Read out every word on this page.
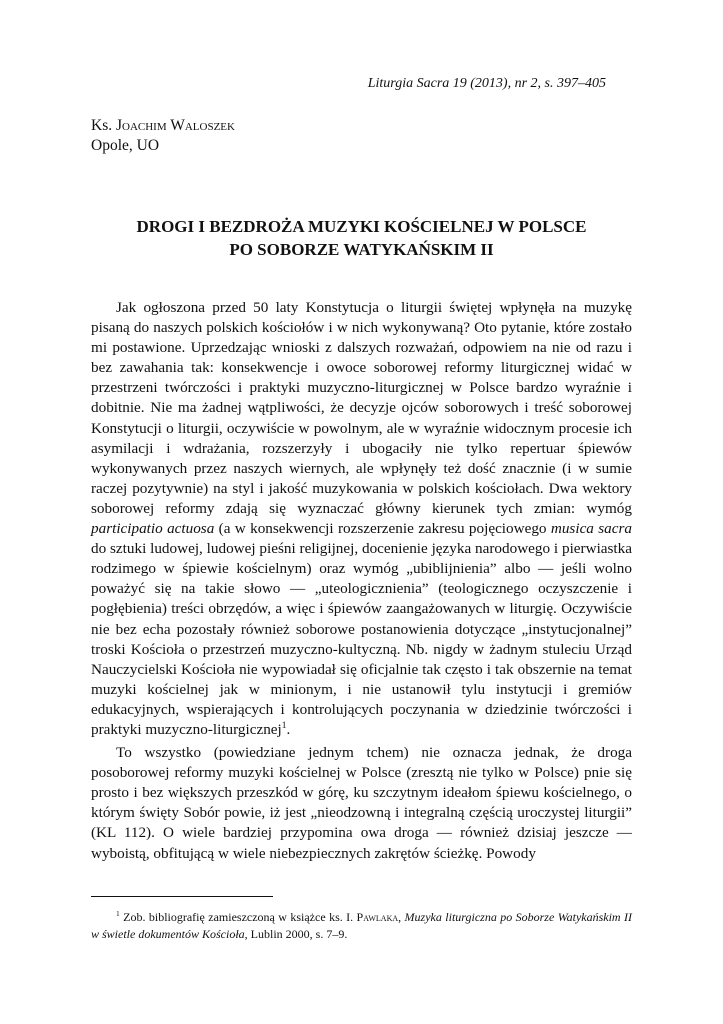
Liturgia Sacra 19 (2013), nr 2, s. 397–405
Ks. Joachim Waloszek
Opole, UO
DROGI I BEZDROŻA MUZYKI KOŚCIELNEJ W POLSCE
PO SOBORZE WATYKAŃSKIM II

Jak ogłoszona przed 50 laty Konstytucja o liturgii świętej wpłynęła na muzykę pisaną do naszych polskich kościołów i w nich wykonywaną? Oto pytanie, które zostało mi postawione. Uprzedzając wnioski z dalszych rozważań, odpowiem na nie od razu i bez zawahania tak: konsekwencje i owoce soborowej reformy liturgicznej widać w przestrzeni twórczości i praktyki muzyczno-liturgicznej w Polsce bardzo wyraźnie i dobitnie. Nie ma żadnej wątpliwości, że decyzje ojców soborowych i treść soborowej Konstytucji o liturgii, oczywiście w powolnym, ale w wyraźnie widocznym procesie ich asymilacji i wdrażania, rozszerzyły i ubogaciły nie tylko repertuar śpiewów wykonywanych przez naszych wiernych, ale wpłynęły też dość znacznie (i w sumie raczej pozytywnie) na styl i jakość muzykowania w polskich kościołach. Dwa wektory soborowej reformy zdają się wyznaczać główny kierunek tych zmian: wymóg participatio actuosa (a w konsekwencji rozszerzenie zakresu pojęciowego musica sacra do sztuki ludowej, ludowej pieśni religijnej, docenienie języka narodowego i pierwiastka rodzimego w śpiewie kościelnym) oraz wymóg „ubiblijnienia” albo — jeśli wolno poważyć się na takie słowo — „uteologicznienia” (teologicznego oczyszczenie i pogłębienia) treści obrzędów, a więc i śpiewów zaangażowanych w liturgię. Oczywiście nie bez echa pozostały również soborowe postanowienia dotyczące „instytucjonalnej” troski Kościoła o przestrzeń muzyczno-kultyczną. Nb. nigdy w żadnym stuleciu Urząd Nauczycielski Kościoła nie wypowiadał się oficjalnie tak często i tak obszernie na temat muzyki kościelnej jak w minionym, i nie ustanowił tylu instytucji i gremiów edukacyjnych, wspierających i kontrolujących poczynania w dziedzinie twórczości i praktyki muzyczno-liturgicznej$^1$.

To wszystko (powiedziane jednym tchem) nie oznacza jednak, że droga posoborowej reformy muzyki kościelnej w Polsce (zresztą nie tylko w Polsce) pnie się prosto i bez większych przeszkód w górę, ku szczytnym ideałom śpiewu kościelnego, o którym święty Sobór powie, iż jest „nieodzowną i integralną częścią uroczystej liturgii” (KL 112). O wiele bardziej przypomina owa droga — również dzisiaj jeszcze — wyboistą, obfitującą w wiele niebezpiecznych zakrętów ścieżkę. Powody

$^1$ Zob. bibliografię zamieszczoną w książce ks. I. Pawlaka, Muzyka liturgiczna po Soborze Watykańskim II w świetle dokumentów Kościoła, Lublin 2000, s. 7–9.
